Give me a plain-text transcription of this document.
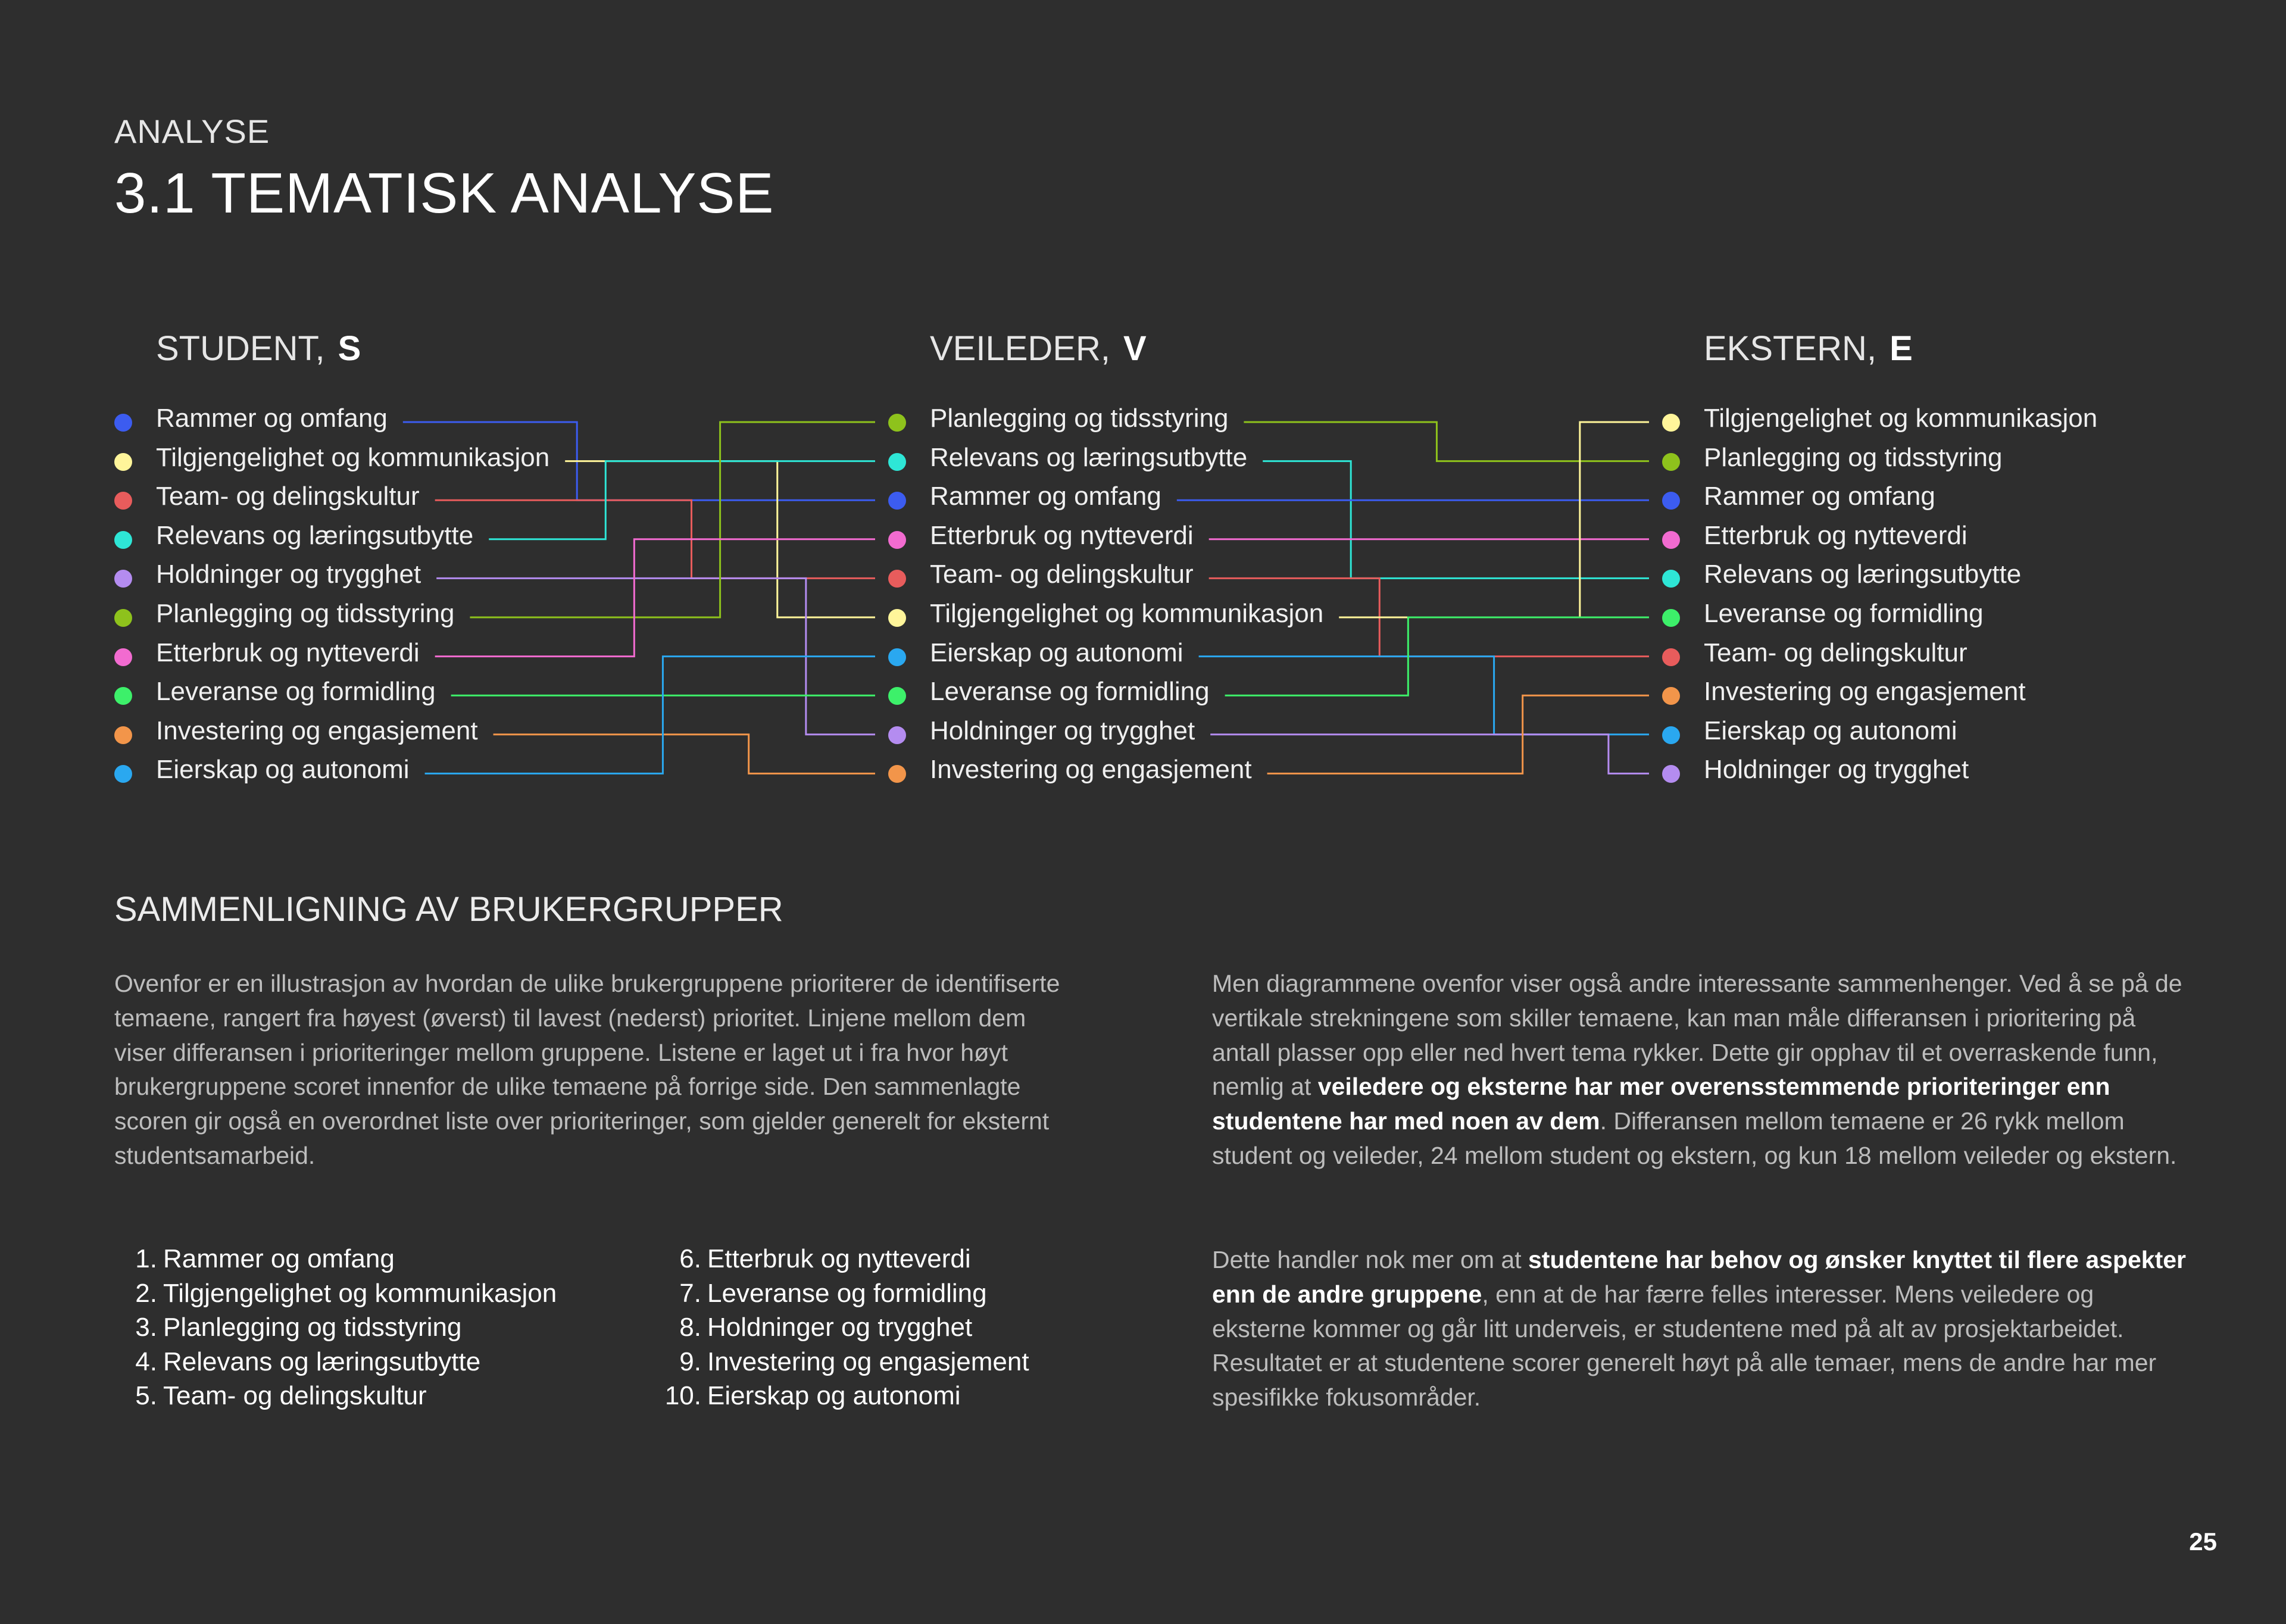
ANALYSE
3.1 TEMATISK ANALYSE
STUDENT, S	VEILEDER, V	EKSTERN, E
Rammer og omfang
Tilgjengelighet og kommunikasjon
Team- og delingskultur
Relevans og læringsutbytte
Holdninger og trygghet
Planlegging og tidsstyring
Etterbruk og nytteverdi
Leveranse og formidling
Investering og engasjement
Eierskap og autonomi
Planlegging og tidsstyring
Relevans og læringsutbytte
Rammer og omfang
Etterbruk og nytteverdi
Team- og delingskultur
Tilgjengelighet og kommunikasjon
Eierskap og autonomi
Leveranse og formidling
Holdninger og trygghet
Investering og engasjement
Tilgjengelighet og kommunikasjon
Planlegging og tidsstyring
Rammer og omfang
Etterbruk og nytteverdi
Relevans og læringsutbytte
Leveranse og formidling
Team- og delingskultur
Investering og engasjement
Eierskap og autonomi
Holdninger og trygghet
SAMMENLIGNING AV BRUKERGRUPPER

Ovenfor er en illustrasjon av hvordan de ulike brukergruppene prioriterer de identifiserte temaene, rangert fra høyest (øverst) til lavest (nederst) prioritet. Linjene mellom dem viser differansen i prioriteringer mellom gruppene. Listene er laget ut i fra hvor høyt brukergruppene scoret innenfor de ulike temaene på forrige side. Den sammenlagte scoren gir også en overordnet liste over prioriteringer, som gjelder generelt for eksternt studentsamarbeid.

1. Rammer og omfang
2. Tilgjengelighet og kommunikasjon
3. Planlegging og tidsstyring
4. Relevans og læringsutbytte
5. Team- og delingskultur
6. Etterbruk og nytteverdi
7. Leveranse og formidling
8. Holdninger og trygghet
9. Investering og engasjement
10. Eierskap og autonomi

Men diagrammene ovenfor viser også andre interessante sammenhenger. Ved å se på de vertikale strekningene som skiller temaene, kan man måle differansen i prioritering på antall plasser opp eller ned hvert tema rykker. Dette gir opphav til et overraskende funn, nemlig at veiledere og eksterne har mer overensstemmende prioriteringer enn studentene har med noen av dem. Differansen mellom temaene er 26 rykk mellom student og veileder, 24 mellom student og ekstern, og kun 18 mellom veileder og ekstern.

Dette handler nok mer om at studentene har behov og ønsker knyttet til flere aspekter enn de andre gruppene, enn at de har færre felles interesser. Mens veiledere og eksterne kommer og går litt underveis, er studentene med på alt av prosjektarbeidet. Resultatet er at studentene scorer generelt høyt på alle temaer, mens de andre har mer spesifikke fokusområder.

25
